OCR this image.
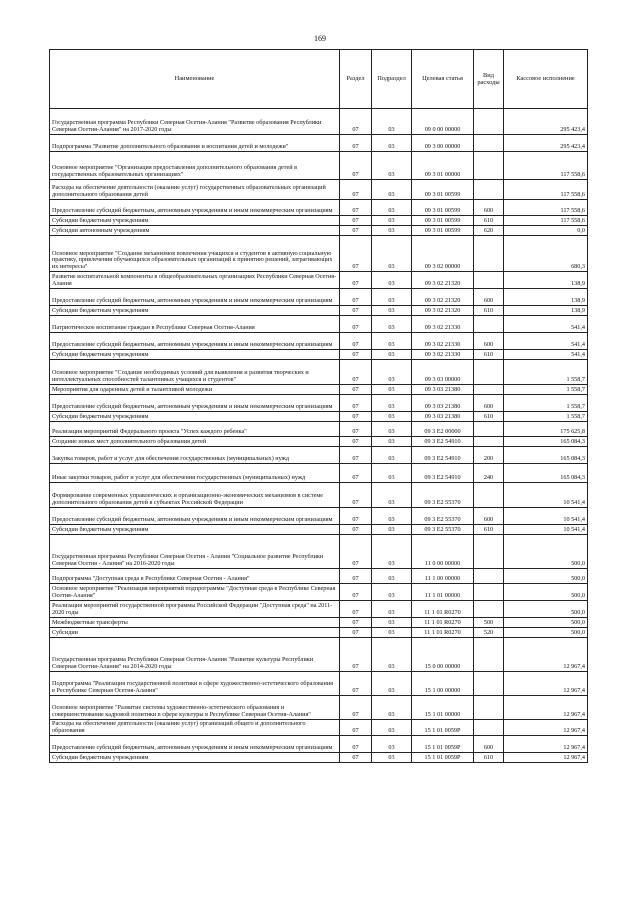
169
Наименование	Раздел	Подраздел	Целевая статья	Вид расходы	Кассовое исполнение
Государственная программа Республики Северная Осетия-Алания "Развитие образования Республики Северная Осетия-Алания" на 2017-2020 годы	07	03	09 0 00 00000		295 423,4
Подпрограмма "Развитие дополнительного образования и воспитания детей и молодежи"	07	03	09 3 00 00000		295 423,4
Основное мероприятие "Организация предоставления дополнительного образования детей в государственных образовательных организациях"	07	03	09 3 01 00000		117 558,6
Расходы на обеспечение деятельности (оказание услуг) государственных образовательных организаций дополнительного образования детей	07	03	09 3 01 00599		117 558,6
Предоставление субсидий бюджетным, автономным учреждениям и иным некоммерческим организациям	07	03	09 3 01 00599	600	117 558,6
Субсидии бюджетным учреждениям	07	03	09 3 01 00599	610	117 558,6
Субсидии автономным учреждениям	07	03	09 3 01 00599	620	0,0
Основное мероприятие "Создание механизмов вовлечения учащихся и студентов в активную социальную практику, привлечения обучающихся образовательных организаций к принятию решений, затрагивающих их интересы"	07	03	09 3 02 00000		680,3
Развитие воспитательной компоненты в общеобразовательных организациях Республики Северная Осетия-Алания	07	03	09 3 02 21320		138,9
Предоставление субсидий бюджетным, автономным учреждениям и иным некоммерческим организациям	07	03	09 3 02 21320	600	138,9
Субсидии бюджетным учреждениям	07	03	09 3 02 21320	610	138,9
Патриотическое воспитание граждан в Республике Северная Осетия-Алания	07	03	09 3 02 21330		541,4
Предоставление субсидий бюджетным, автономным учреждениям и иным некоммерческим организациям	07	03	09 3 02 21330	600	541,4
Субсидии бюджетным учреждениям	07	03	09 3 02 21330	610	541,4
Основное мероприятие "Создание необходимых условий для выявления и развития творческих и интеллектуальных способностей талантливых учащихся и студентов"	07	03	09 3 03 00000		1 558,7
Мероприятия для одаренных детей и талантливой молодежи	07	03	09 3 03 21380		1 558,7
Предоставление субсидий бюджетным, автономным учреждениям и иным некоммерческим организациям	07	03	09 3 03 21380	600	1 558,7
Субсидии бюджетным учреждениям	07	03	09 3 03 21380	610	1 558,7
Реализация мероприятий Федерального проекта "Успех каждого ребенка"	07	03	09 3 E2 00000		175 625,8
Создание новых мест дополнительного образования детей	07	03	09 3 E2 54910		165 084,3
Закупка товаров, работ и услуг для обеспечения государственных (муниципальных) нужд	07	03	09 3 E2 54910	200	165 084,3
Иные закупки товаров, работ и услуг для обеспечения государственных (муниципальных) нужд	07	03	09 3 E2 54910	240	165 084,3
Формирование современных управленческих и организационно-экономических механизмов в системе дополнительного образования детей в субъектах Российской Федерации	07	03	09 3 E2 55370		10 541,4
Предоставление субсидий бюджетным, автономным учреждениям и иным некоммерческим организациям	07	03	09 3 E2 55370	600	10 541,4
Субсидии бюджетным учреждениям	07	03	09 3 E2 55370	610	10 541,4
Государственная программа Республики Северная Осетия - Алания "Социальное развитие Республики Северная Осетия - Алания" на 2016-2020 годы	07	03	11 0 00 00000		500,0
Подпрограмма "Доступная среда в Республике Северная Осетия - Алания"	07	03	11 1 00 00000		500,0
Основное мероприятие "Реализация мероприятий подпрограммы "Доступная среда в Республике Северная Осетия-Алания"	07	03	11 1 01 00000		500,0
Реализация мероприятий государственной программы Российской Федерации "Доступная среда" на 2011-2020 годы	07	03	11 1 01 R0270		500,0
Межбюджетные трансферты	07	03	11 1 01 R0270	500	500,0
Субсидии	07	03	11 1 01 R0270	520	500,0
Государственная программа Республики Северная Осетия-Алания "Развитие культуры Республики Северная Осетия-Алания" на 2014-2020 годы	07	03	15 0 00 00000		12 967,4
Подпрограмма "Реализация государственной политики в сфере художественно-эстетического образования в Республике Северная Осетия-Алания"	07	03	15 1 00 00000		12 967,4
Основное мероприятие "Развитие системы художественно-эстетического образования и совершенствование кадровой политики в сфере культуры в Республике Северная Осетия-Алания"	07	03	15 1 01 00000		12 967,4
Расходы на обеспечение деятельности (оказание услуг) организаций общего и дополнительного образования	07	03	15 1 01 0059P		12 967,4
Предоставление субсидий бюджетным, автономным учреждениям и иным некоммерческим организациям	07	03	15 1 01 0059P	600	12 967,4
Субсидии бюджетным учреждениям	07	03	15 1 01 0059P	610	12 967,4
